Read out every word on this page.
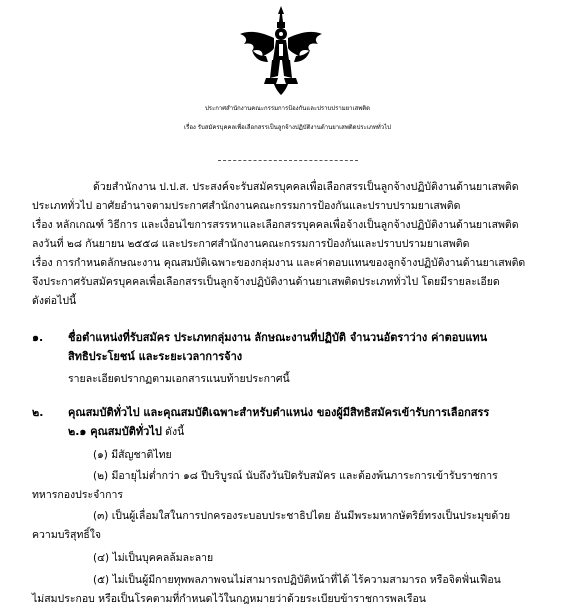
ประกาศสำนักงานคณะกรรมการป้องกันและปราบปรามยาเสพติด
เรื่อง รับสมัครบุคคลเพื่อเลือกสรรเป็นลูกจ้างปฏิบัติงานด้านยาเสพติดประเภททั่วไป
ด้วยสำนักงาน ป.ป.ส. ประสงค์จะรับสมัครบุคคลเพื่อเลือกสรรเป็นลูกจ้างปฏิบัติงานด้านยาเสพติด
ประเภททั่วไป อาศัยอำนาจตามประกาศสำนักงานคณะกรรมการป้องกันและปราบปรามยาเสพติด
เรื่อง หลักเกณฑ์ วิธีการ และเงื่อนไขการสรรหาและเลือกสรรบุคคลเพื่อจ้างเป็นลูกจ้างปฏิบัติงานด้านยาเสพติด
ลงวันที่ ๒๘ กันยายน ๒๕๕๘ และประกาศสำนักงานคณะกรรมการป้องกันและปราบปรามยาเสพติด
เรื่อง การกำหนดลักษณะงาน คุณสมบัติเฉพาะของกลุ่มงาน และค่าตอบแทนของลูกจ้างปฏิบัติงานด้านยาเสพติด
จึงประกาศรับสมัครบุคคลเพื่อเลือกสรรเป็นลูกจ้างปฏิบัติงานด้านยาเสพติดประเภททั่วไป โดยมีรายละเอียด
ดังต่อไปนี้
๑. ชื่อตำแหน่งที่รับสมัคร ประเภทกลุ่มงาน ลักษณะงานที่ปฏิบัติ จำนวนอัตราว่าง ค่าตอบแทน
สิทธิประโยชน์ และระยะเวลาการจ้าง
รายละเอียดปรากฏตามเอกสารแนบท้ายประกาศนี้
๒. คุณสมบัติทั่วไป และคุณสมบัติเฉพาะสำหรับตำแหน่ง ของผู้มีสิทธิสมัครเข้ารับการเลือกสรร
๒.๑ คุณสมบัติทั่วไป ดังนี้
(๑) มีสัญชาติไทย
(๒) มีอายุไม่ต่ำกว่า ๑๘ ปีบริบูรณ์ นับถึงวันปิดรับสมัคร และต้องพ้นภาระการเข้ารับราชการ
ทหารกองประจำการ
(๓) เป็นผู้เลื่อมใสในการปกครองระบอบประชาธิปไตย อันมีพระมหากษัตริย์ทรงเป็นประมุขด้วย
ความบริสุทธิ์ใจ
(๔) ไม่เป็นบุคคลล้มละลาย
(๕) ไม่เป็นผู้มีกายทุพพลภาพจนไม่สามารถปฏิบัติหน้าที่ได้ ไร้ความสามารถ หรือจิตฟั่นเฟือน
ไม่สมประกอบ หรือเป็นโรคตามที่กำหนดไว้ในกฎหมายว่าด้วยระเบียบข้าราชการพลเรือน
